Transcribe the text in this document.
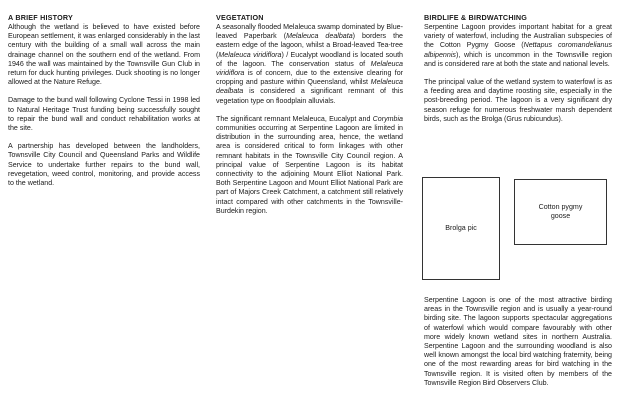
A BRIEF HISTORY

Although the wetland is believed to have existed before European settlement, it was enlarged considerably in the last century with the building of a small wall across the main drainage channel on the southern end of the wetland. From 1946 the wall was maintained by the Townsville Gun Club in return for duck hunting privileges. Duck shooting is no longer allowed at the Nature Refuge.

Damage to the bund wall following Cyclone Tessi in 1998 led to Natural Heritage Trust funding being successfully sought to repair the bund wall and conduct rehabilitation works at the site.

A partnership has developed between the landholders, Townsville City Council and Queensland Parks and Wildlife Service to undertake further repairs to the bund wall, revegetation, weed control, monitoring, and provide access to the wetland.

VEGETATION

A seasonally flooded Melaleuca swamp dominated by Blue-leaved Paperbark (Melaleuca dealbata) borders the eastern edge of the lagoon, whilst a Broad-leaved Tea-tree (Melaleuca viridiflora) / Eucalypt woodland is located south of the lagoon. The conservation status of Melaleuca viridiflora is of concern, due to the extensive clearing for cropping and pasture within Queensland, whilst Melaleuca dealbata is considered a significant remnant of this vegetation type on floodplain alluvials.

The significant remnant Melaleuca, Eucalypt and Corymbia communities occurring at Serpentine Lagoon are limited in distribution in the surrounding area, hence, the wetland area is considered critical to form linkages with other remnant habitats in the Townsville City Council region. A principal value of Serpentine Lagoon is its habitat connectivity to the adjoining Mount Elliot National Park. Both Serpentine Lagoon and Mount Elliot National Park are part of Majors Creek Catchment, a catchment still relatively intact compared with other catchments in the Townsville-Burdekin region.

BIRDLIFE & BIRDWATCHING

Serpentine Lagoon provides important habitat for a great variety of waterfowl, including the Australian subspecies of the Cotton Pygmy Goose (Nettapus coromandelianus albipennis), which is uncommon in the Townsville region and is considered rare at both the state and national levels.

The principal value of the wetland system to waterfowl is as a feeding area and daytime roosting site, especially in the post-breeding period. The lagoon is a very significant dry season refuge for numerous freshwater marsh dependent birds, such as the Brolga (Grus rubicundus).

Brolga pic
Cotton pygmy goose

Serpentine Lagoon is one of the most attractive birding areas in the Townsville region and is usually a year-round birding site. The lagoon supports spectacular aggregations of waterfowl which would compare favourably with other more widely known wetland sites in northern Australia. Serpentine Lagoon and the surrounding woodland is also well known amongst the local bird watching fraternity, being one of the most rewarding areas for bird watching in the Townsville region. It is visited often by members of the Townsville Region Bird Observers Club.
